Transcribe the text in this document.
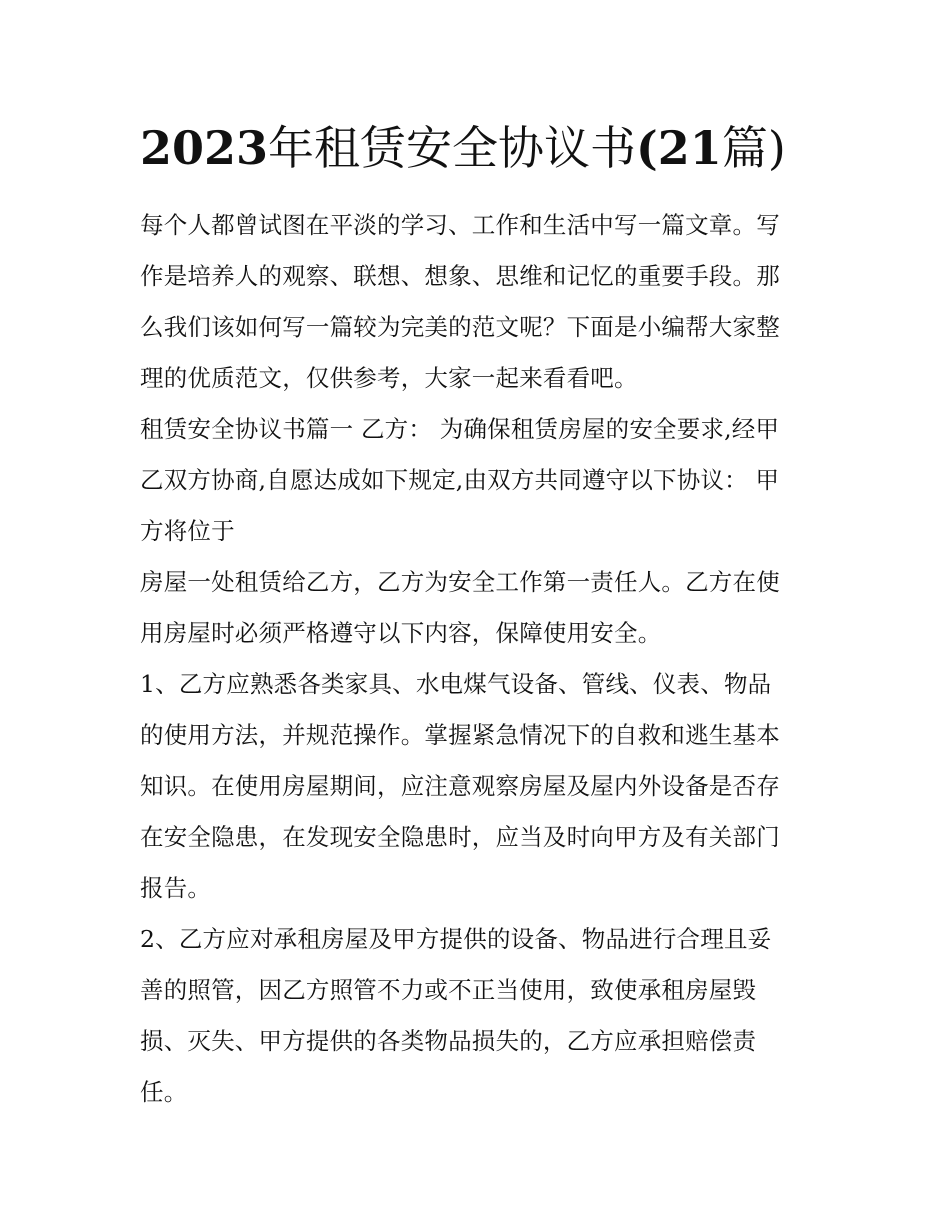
2023年租赁安全协议书(21篇)
每个人都曾试图在平淡的学习、工作和生活中写一篇文章。写
作是培养人的观察、联想、想象、思维和记忆的重要手段。那
么我们该如何写一篇较为完美的范文呢？下面是小编帮大家整
理的优质范文，仅供参考，大家一起来看看吧。
租赁安全协议书篇一 乙方： 为确保租赁房屋的安全要求,经甲
乙双方协商,自愿达成如下规定,由双方共同遵守以下协议： 甲
方将位于
房屋一处租赁给乙方，乙方为安全工作第一责任人。乙方在使
用房屋时必须严格遵守以下内容，保障使用安全。
1、乙方应熟悉各类家具、水电煤气设备、管线、仪表、物品
的使用方法，并规范操作。掌握紧急情况下的自救和逃生基本
知识。在使用房屋期间，应注意观察房屋及屋内外设备是否存
在安全隐患，在发现安全隐患时，应当及时向甲方及有关部门
报告。
2、乙方应对承租房屋及甲方提供的设备、物品进行合理且妥
善的照管，因乙方照管不力或不正当使用，致使承租房屋毁
损、灭失、甲方提供的各类物品损失的，乙方应承担赔偿责
任。
